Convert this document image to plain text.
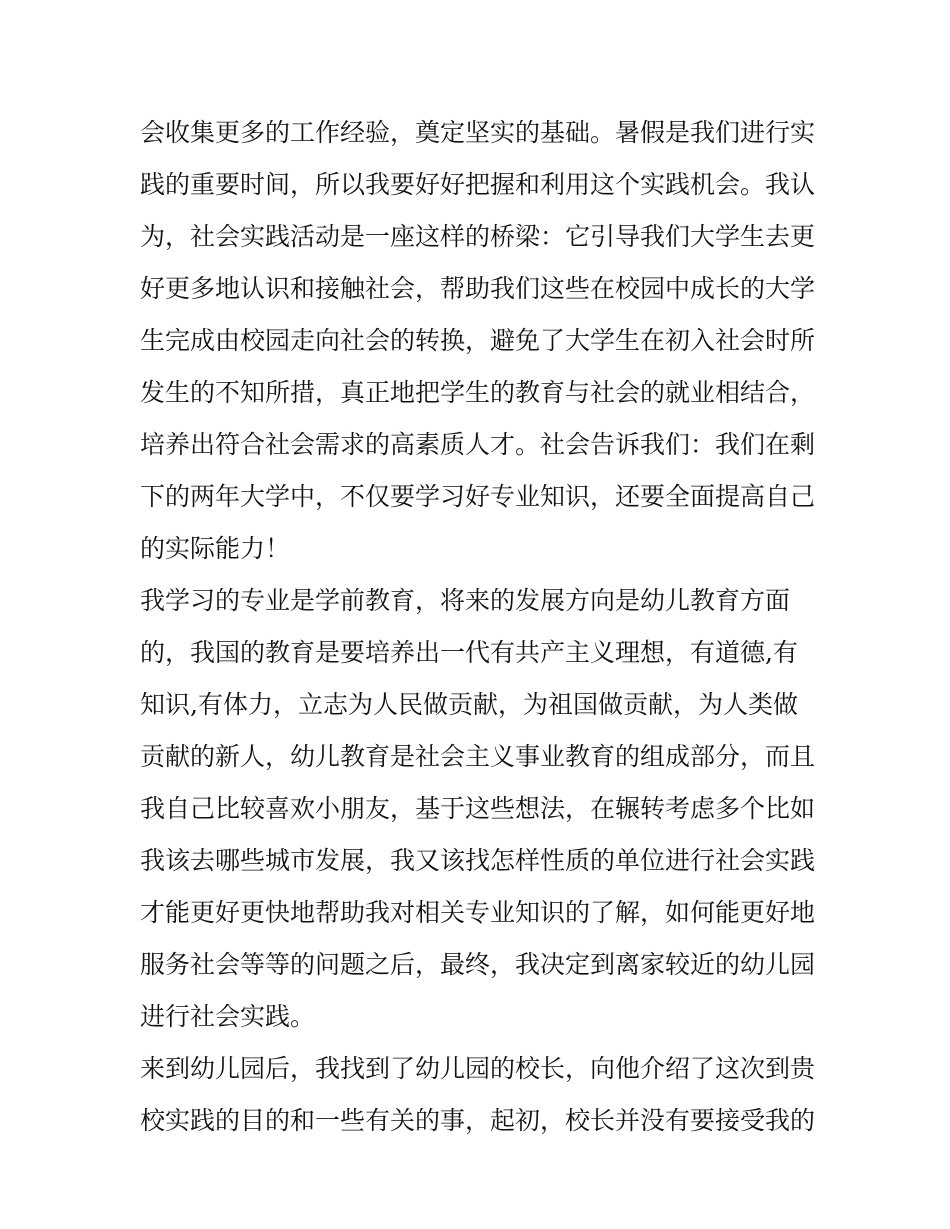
会收集更多的工作经验，奠定坚实的基础。暑假是我们进行实
践的重要时间，所以我要好好把握和利用这个实践机会。我认
为，社会实践活动是一座这样的桥梁：它引导我们大学生去更
好更多地认识和接触社会，帮助我们这些在校园中成长的大学
生完成由校园走向社会的转换，避免了大学生在初入社会时所
发生的不知所措，真正地把学生的教育与社会的就业相结合，
培养出符合社会需求的高素质人才。社会告诉我们：我们在剩
下的两年大学中，不仅要学习好专业知识，还要全面提高自己
的实际能力！
我学习的专业是学前教育，将来的发展方向是幼儿教育方面
的，我国的教育是要培养出一代有共产主义理想，有道德,有
知识,有体力，立志为人民做贡献，为祖国做贡献，为人类做
贡献的新人，幼儿教育是社会主义事业教育的组成部分，而且
我自己比较喜欢小朋友，基于这些想法，在辗转考虑多个比如
我该去哪些城市发展，我又该找怎样性质的单位进行社会实践
才能更好更快地帮助我对相关专业知识的了解，如何能更好地
服务社会等等的问题之后，最终，我决定到离家较近的幼儿园
进行社会实践。
来到幼儿园后，我找到了幼儿园的校长，向他介绍了这次到贵
校实践的目的和一些有关的事，起初，校长并没有要接受我的
